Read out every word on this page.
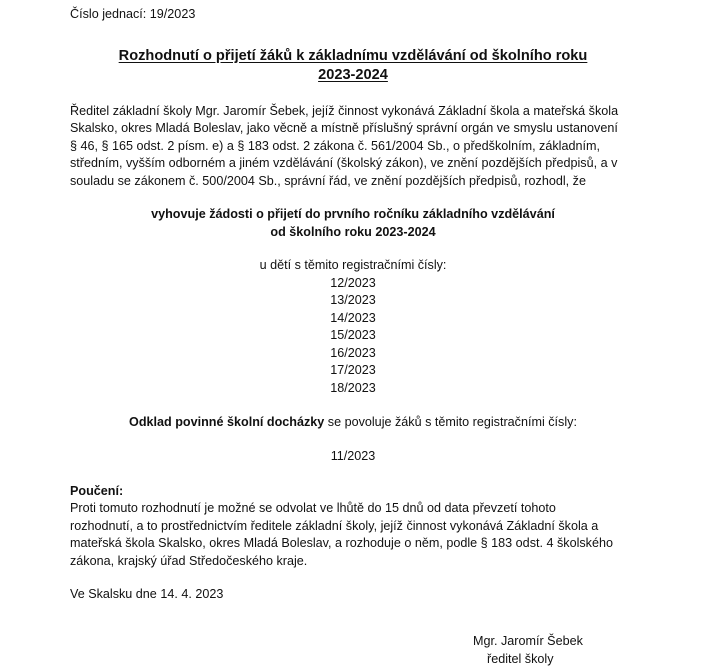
Číslo jednací: 19/2023

Rozhodnutí o přijetí žáků k základnímu vzdělávání od školního roku
2023-2024
Ředitel základní školy Mgr. Jaromír Šebek, jejíž činnost vykonává Základní škola a mateřská škola
Skalsko, okres Mladá Boleslav, jako věcně a místně příslušný správní orgán ve smyslu ustanovení
§ 46, § 165 odst. 2 písm. e) a § 183 odst. 2 zákona č. 561/2004 Sb., o předškolním, základním,
středním, vyšším odborném a jiném vzdělávání (školský zákon), ve znění pozdějších předpisů, a v
souladu se zákonem č. 500/2004 Sb., správní řád, ve znění pozdějších předpisů, rozhodl, že
vyhovuje žádosti o přijetí do prvního ročníku základního vzdělávání
od školního roku 2023-2024
u dětí s těmito registračními čísly:
12/2023
13/2023
14/2023
15/2023
16/2023
17/2023
18/2023
Odklad povinné školní docházky se povoluje žáků s těmito registračními čísly:
11/2023
Poučení:
Proti tomuto rozhodnutí je možné se odvolat ve lhůtě do 15 dnů od data převzetí tohoto
rozhodnutí, a to prostřednictvím ředitele základní školy, jejíž činnost vykonává Základní škola a
mateřská škola Skalsko, okres Mladá Boleslav, a rozhoduje o něm, podle § 183 odst. 4 školského
zákona, krajský úřad Středočeského kraje.
Ve Skalsku dne 14. 4. 2023
Mgr. Jaromír Šebek
ředitel školy
